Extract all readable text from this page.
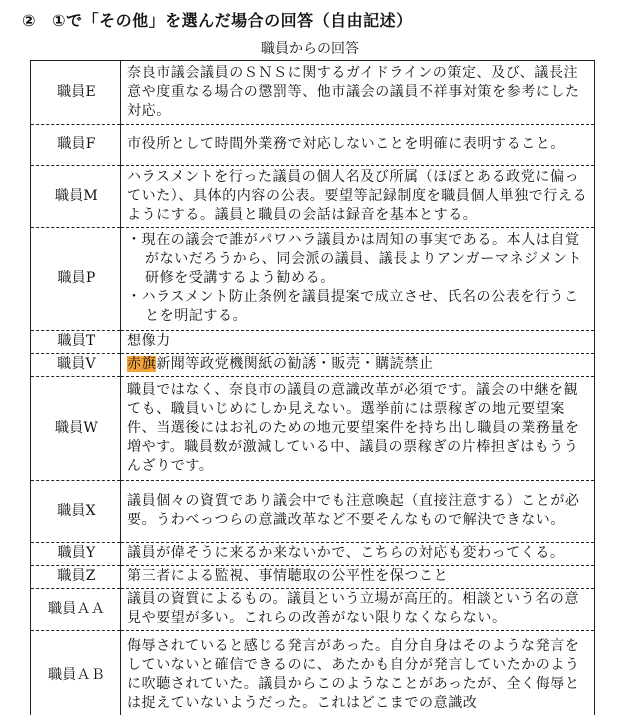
② ①で「その他」を選んだ場合の回答（自由記述）
職員からの回答
職員E	奈良市議会議員のＳＮＳに関するガイドラインの策定、及び、議長注意や度重なる場合の懲罰等、他市議会の議員不祥事対策を参考にした対応。
職員F	市役所として時間外業務で対応しないことを明確に表明すること。
職員M	ハラスメントを行った議員の個人名及び所属（ほぼとある政党に偏っていた）、具体的内容の公表。要望等記録制度を職員個人単独で行えるようにする。議員と職員の会話は録音を基本とする。
職員P	・現在の議会で誰がパワハラ議員かは周知の事実である。本人は自覚がないだろうから、同会派の議員、議長よりアンガーマネジメント研修を受講するよう勧める。
・ハラスメント防止条例を議員提案で成立させ、氏名の公表を行うことを明記する。

職員T	想像力
職員V	赤旗新聞等政党機関紙の勧誘・販売・購読禁止
職員W	職員ではなく、奈良市の議員の意識改革が必須です。議会の中継を観ても、職員いじめにしか見えない。選挙前には票稼ぎの地元要望案件、当選後にはお礼のための地元要望案件を持ち出し職員の業務量を増やす。職員数が激減している中、議員の票稼ぎの片棒担ぎはもううんざりです。
職員X	議員個々の資質であり議会中でも注意喚起（直接注意する）ことが必要。うわべっつらの意識改革など不要そんなもので解決できない。
職員Y	議員が偉そうに来るか来ないかで、こちらの対応も変わってくる。
職員Z	第三者による監視、事情聴取の公平性を保つこと
職員ＡＡ	議員の資質によるもの。議員という立場が高圧的。相談という名の意見や要望が多い。これらの改善がない限りなくならない。
職員ＡＢ	侮辱されていると感じる発言があった。自分自身はそのような発言をしていないと確信できるのに、あたかも自分が発言していたかのように吹聴されていた。議員からこのようなことがあったが、全く侮辱とは捉えていないようだった。これはどこまでの意識改
